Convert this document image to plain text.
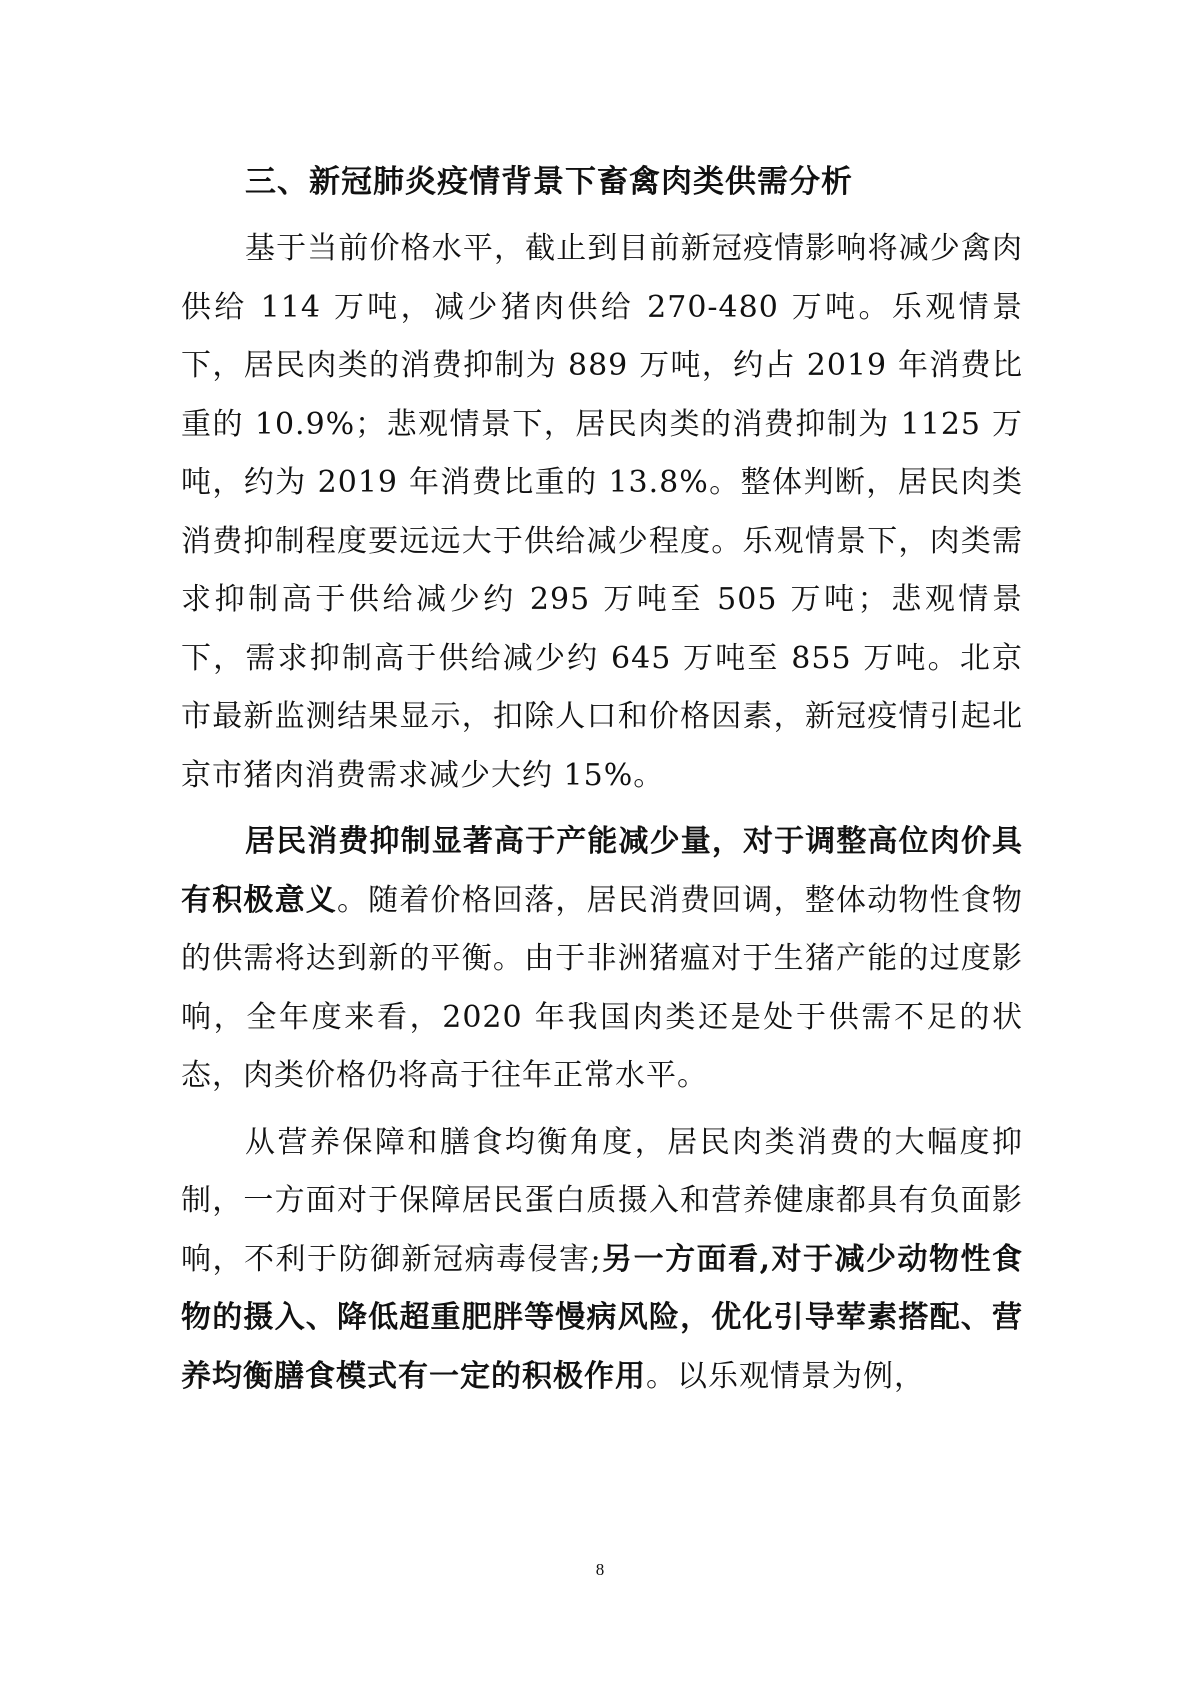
三、新冠肺炎疫情背景下畜禽肉类供需分析

基于当前价格水平，截止到目前新冠疫情影响将减少禽肉供给 114 万吨，减少猪肉供给 270-480 万吨。乐观情景下，居民肉类的消费抑制为 889 万吨，约占 2019 年消费比重的 10.9%；悲观情景下，居民肉类的消费抑制为 1125 万吨，约为 2019 年消费比重的 13.8%。整体判断，居民肉类消费抑制程度要远远大于供给减少程度。乐观情景下，肉类需求抑制高于供给减少约 295 万吨至 505 万吨；悲观情景下，需求抑制高于供给减少约 645 万吨至 855 万吨。北京市最新监测结果显示，扣除人口和价格因素，新冠疫情引起北京市猪肉消费需求减少大约 15%。

居民消费抑制显著高于产能减少量，对于调整高位肉价具有积极意义。随着价格回落，居民消费回调，整体动物性食物的供需将达到新的平衡。由于非洲猪瘟对于生猪产能的过度影响，全年度来看，2020 年我国肉类还是处于供需不足的状态，肉类价格仍将高于往年正常水平。

从营养保障和膳食均衡角度，居民肉类消费的大幅度抑制，一方面对于保障居民蛋白质摄入和营养健康都具有负面影响，不利于防御新冠病毒侵害;另一方面看,对于减少动物性食物的摄入、降低超重肥胖等慢病风险，优化引导荤素搭配、营养均衡膳食模式有一定的积极作用。以乐观情景为例，

8
